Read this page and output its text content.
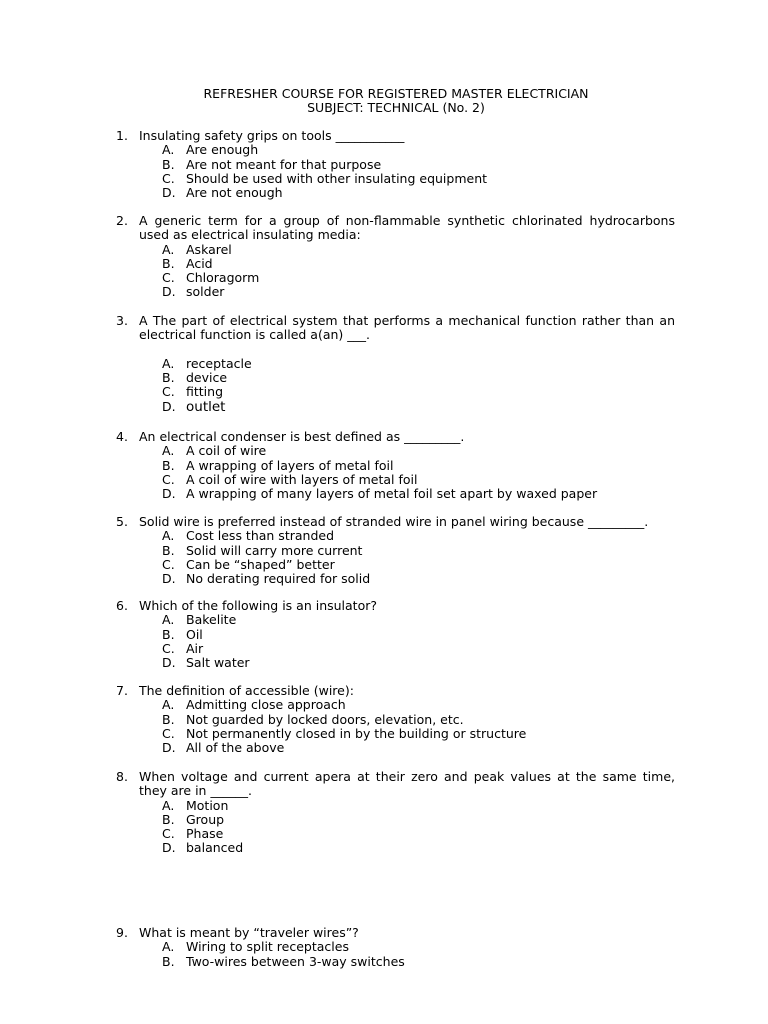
REFRESHER COURSE FOR REGISTERED MASTER ELECTRICIAN
SUBJECT: TECHNICAL (No. 2)
1. Insulating safety grips on tools ___________
A. Are enough
B. Are not meant for that purpose
C. Should be used with other insulating equipment
D. Are not enough
2. A generic term for a group of non-flammable synthetic chlorinated hydrocarbons
used as electrical insulating media:
A. Askarel
B. Acid
C. Chloragorm
D. solder
3. A The part of electrical system that performs a mechanical function rather than an
electrical function is called a(an) ___.
A. receptacle
B. device
C. fitting
D. outlet
4. An electrical condenser is best defined as _________.
A. A coil of wire
B. A wrapping of layers of metal foil
C. A coil of wire with layers of metal foil
D. A wrapping of many layers of metal foil set apart by waxed paper
5. Solid wire is preferred instead of stranded wire in panel wiring because _________.
A. Cost less than stranded
B. Solid will carry more current
C. Can be “shaped” better
D. No derating required for solid
6. Which of the following is an insulator?
A. Bakelite
B. Oil
C. Air
D. Salt water
7. The definition of accessible (wire):
A. Admitting close approach
B. Not guarded by locked doors, elevation, etc.
C. Not permanently closed in by the building or structure
D. All of the above
8. When voltage and current apera at their zero and peak values at the same time,
they are in ______.
A. Motion
B. Group
C. Phase
D. balanced
9. What is meant by “traveler wires”?
A. Wiring to split receptacles
B. Two-wires between 3-way switches
